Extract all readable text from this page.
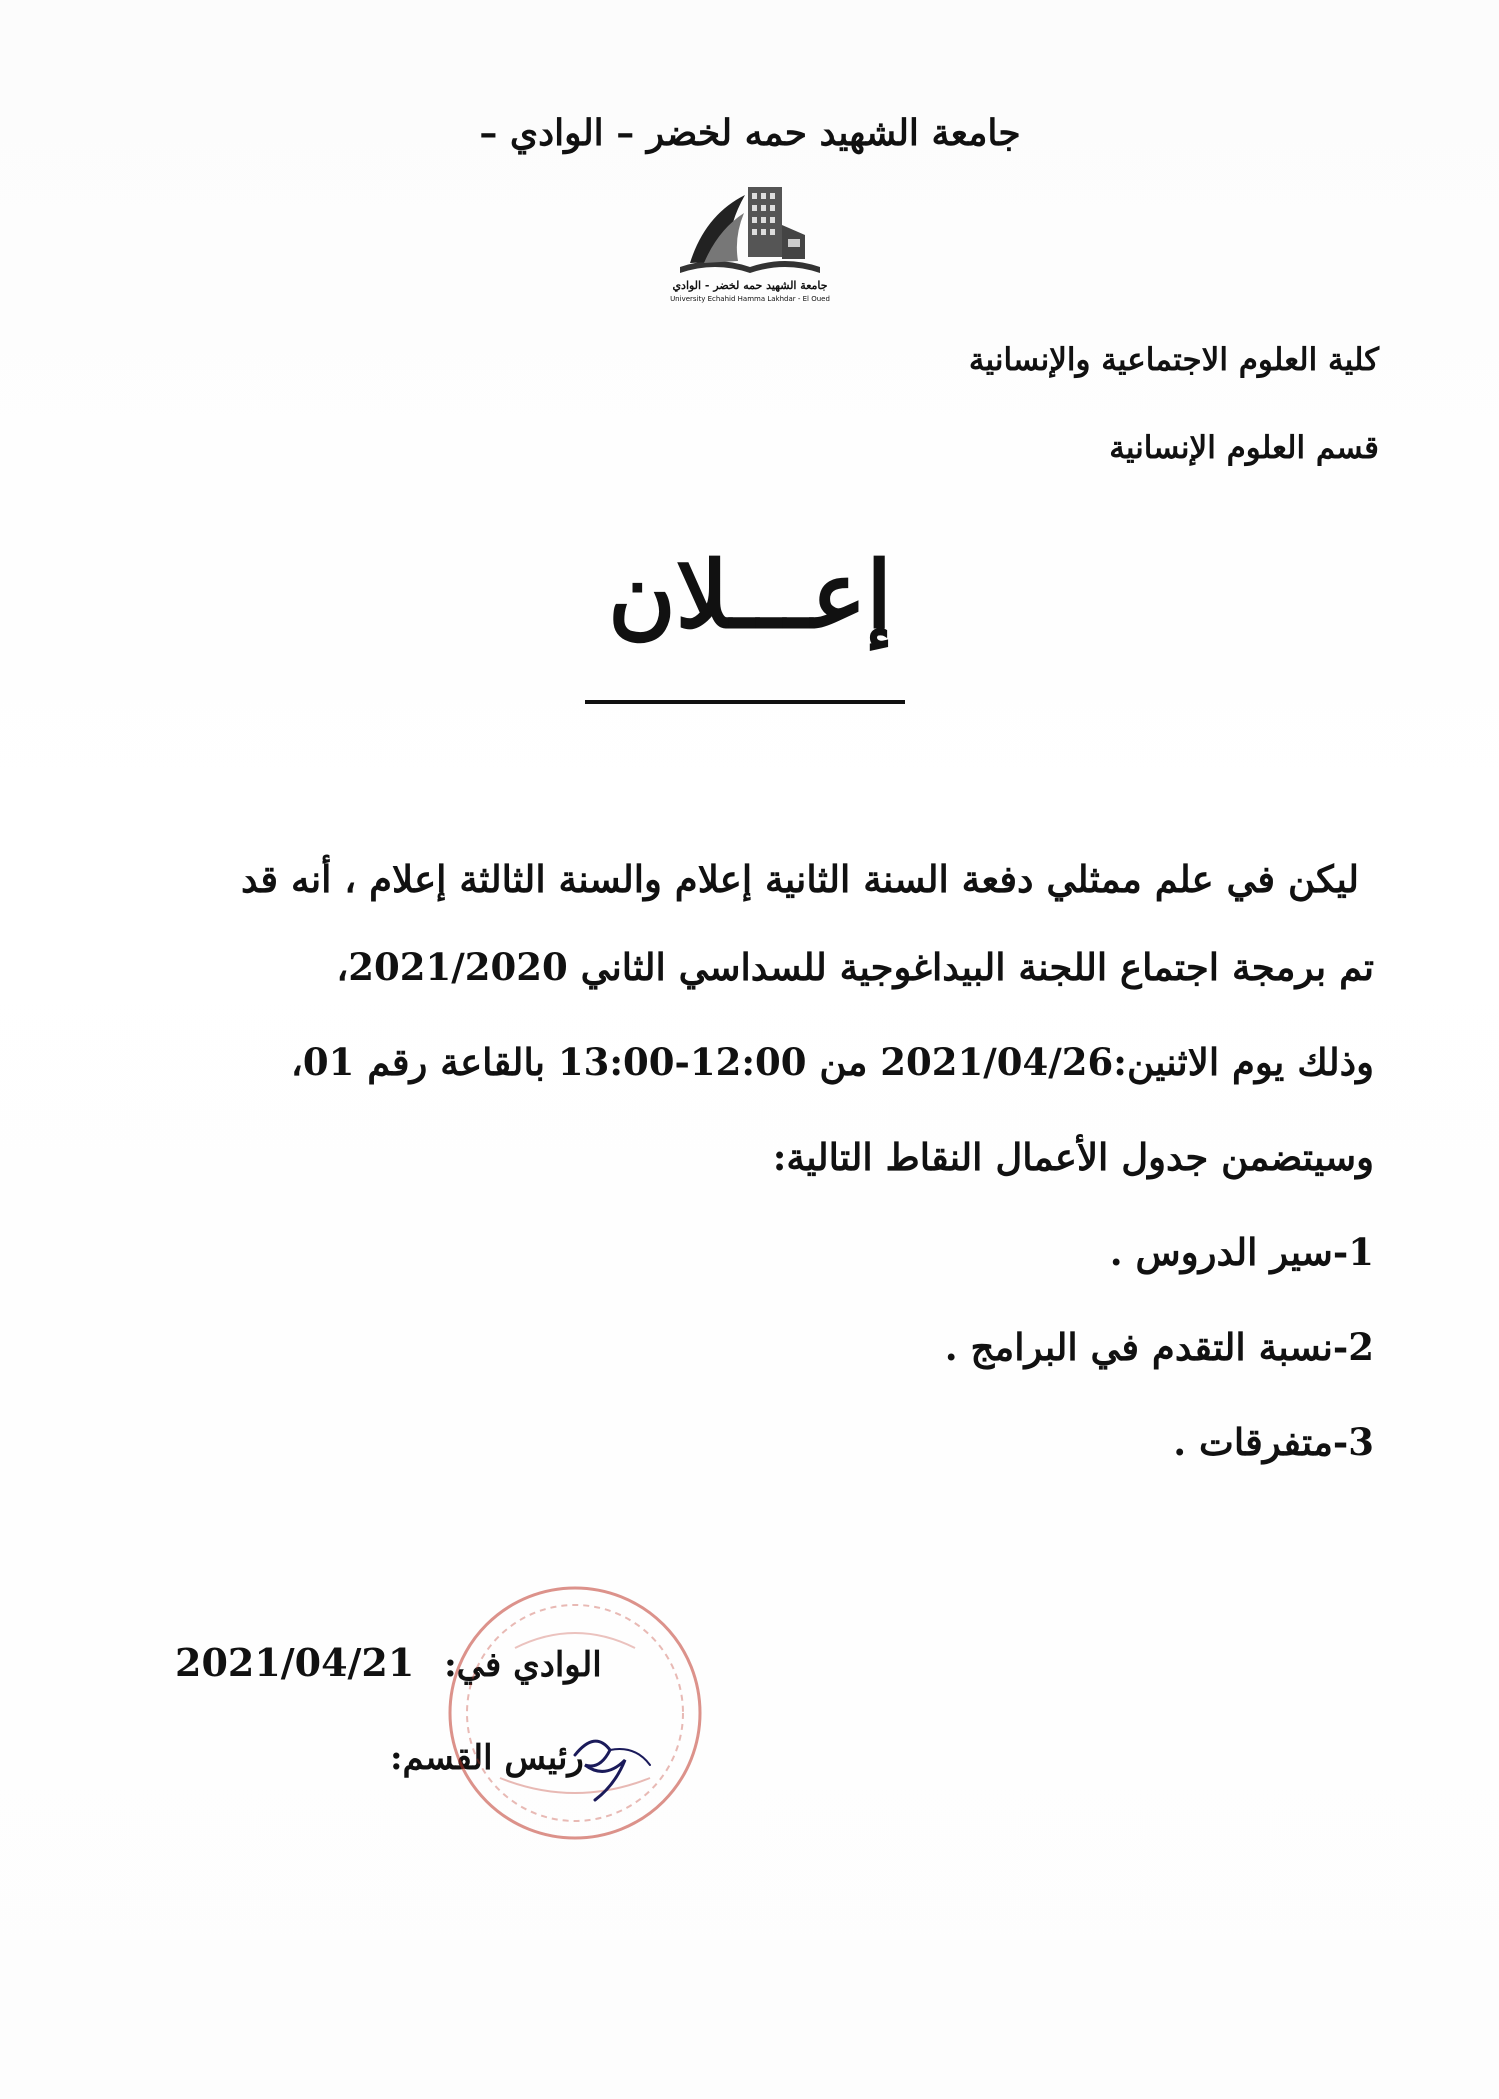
جامعة الشهيد حمه لخضر – الوادي –
جامعة الشهيد حمه لخضر - الوادي
University Echahid Hamma Lakhdar - El Oued
كلية العلوم الاجتماعية والإنسانية
قسم العلوم الإنسانية
إعـــلان
ليكن في علم ممثلي دفعة السنة الثانية إعلام والسنة الثالثة إعلام ، أنه قد
تم برمجة اجتماع اللجنة البيداغوجية للسداسي الثاني 2021/2020،
وذلك يوم الاثنين:2021/04/26 من 12:00-13:00 بالقاعة رقم 01،
وسيتضمن جدول الأعمال النقاط التالية:
1-سير الدروس .
2-نسبة التقدم في البرامج .
3-متفرقات .
2021/04/21 الوادي في:
رئيس القسم:
